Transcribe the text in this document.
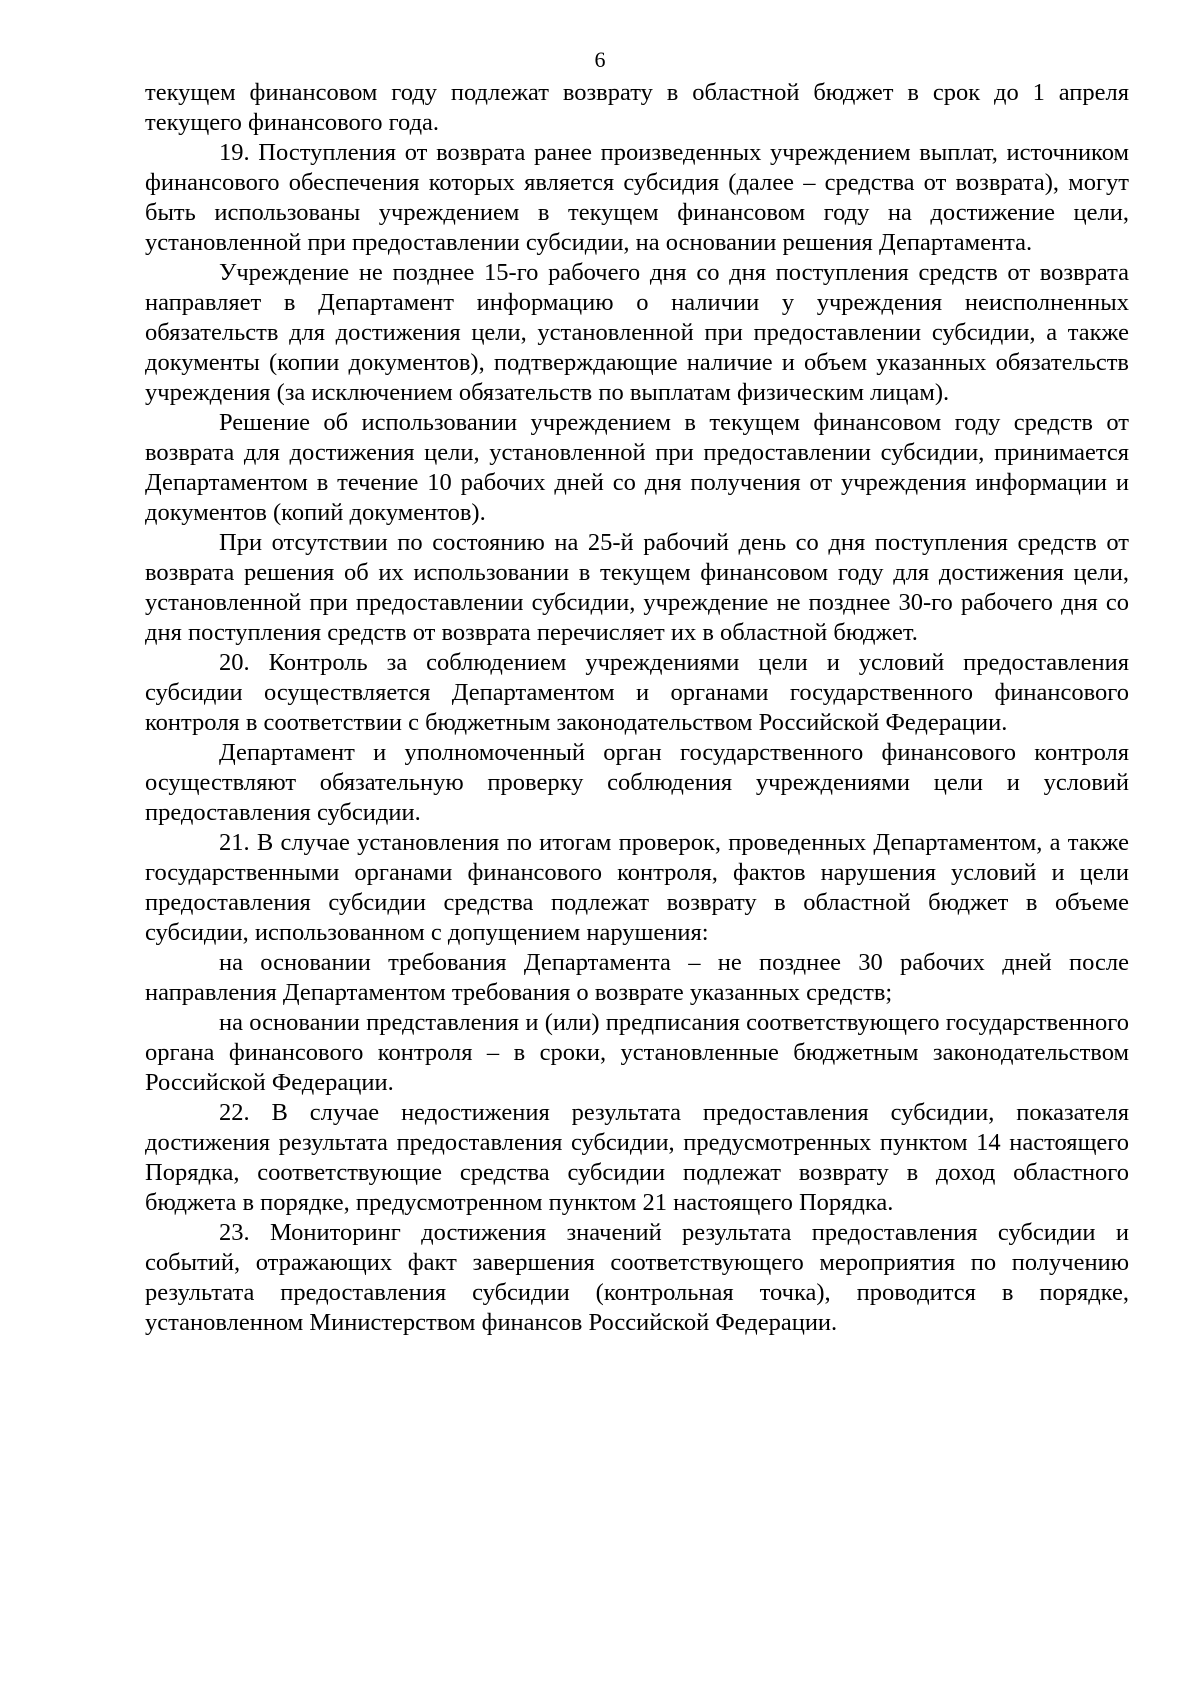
6

текущем финансовом году подлежат возврату в областной бюджет в срок до 1 апреля текущего финансового года.

19. Поступления от возврата ранее произведенных учреждением выплат, источником финансового обеспечения которых является субсидия (далее – средства от возврата), могут быть использованы учреждением в текущем финансовом году на достижение цели, установленной при предоставлении субсидии, на основании решения Департамента.

Учреждение не позднее 15-го рабочего дня со дня поступления средств от возврата направляет в Департамент информацию о наличии у учреждения неисполненных обязательств для достижения цели, установленной при предоставлении субсидии, а также документы (копии документов), подтверждающие наличие и объем указанных обязательств учреждения (за исключением обязательств по выплатам физическим лицам).

Решение об использовании учреждением в текущем финансовом году средств от возврата для достижения цели, установленной при предоставлении субсидии, принимается Департаментом в течение 10 рабочих дней со дня получения от учреждения информации и документов (копий документов).

При отсутствии по состоянию на 25-й рабочий день со дня поступления средств от возврата решения об их использовании в текущем финансовом году для достижения цели, установленной при предоставлении субсидии, учреждение не позднее 30-го рабочего дня со дня поступления средств от возврата перечисляет их в областной бюджет.

20. Контроль за соблюдением учреждениями цели и условий предоставления субсидии осуществляется Департаментом и органами государственного финансового контроля в соответствии с бюджетным законодательством Российской Федерации.

Департамент и уполномоченный орган государственного финансового контроля осуществляют обязательную проверку соблюдения учреждениями цели и условий предоставления субсидии.

21. В случае установления по итогам проверок, проведенных Департаментом, а также государственными органами финансового контроля, фактов нарушения условий и цели предоставления субсидии средства подлежат возврату в областной бюджет в объеме субсидии, использованном с допущением нарушения:

на основании требования Департамента – не позднее 30 рабочих дней после направления Департаментом требования о возврате указанных средств;

на основании представления и (или) предписания соответствующего государственного органа финансового контроля – в сроки, установленные бюджетным законодательством Российской Федерации.

22. В случае недостижения результата предоставления субсидии, показателя достижения результата предоставления субсидии, предусмотренных пунктом 14 настоящего Порядка, соответствующие средства субсидии подлежат возврату в доход областного бюджета в порядке, предусмотренном пунктом 21 настоящего Порядка.

23. Мониторинг достижения значений результата предоставления субсидии и событий, отражающих факт завершения соответствующего мероприятия по получению результата предоставления субсидии (контрольная точка), проводится в порядке, установленном Министерством финансов Российской Федерации.
